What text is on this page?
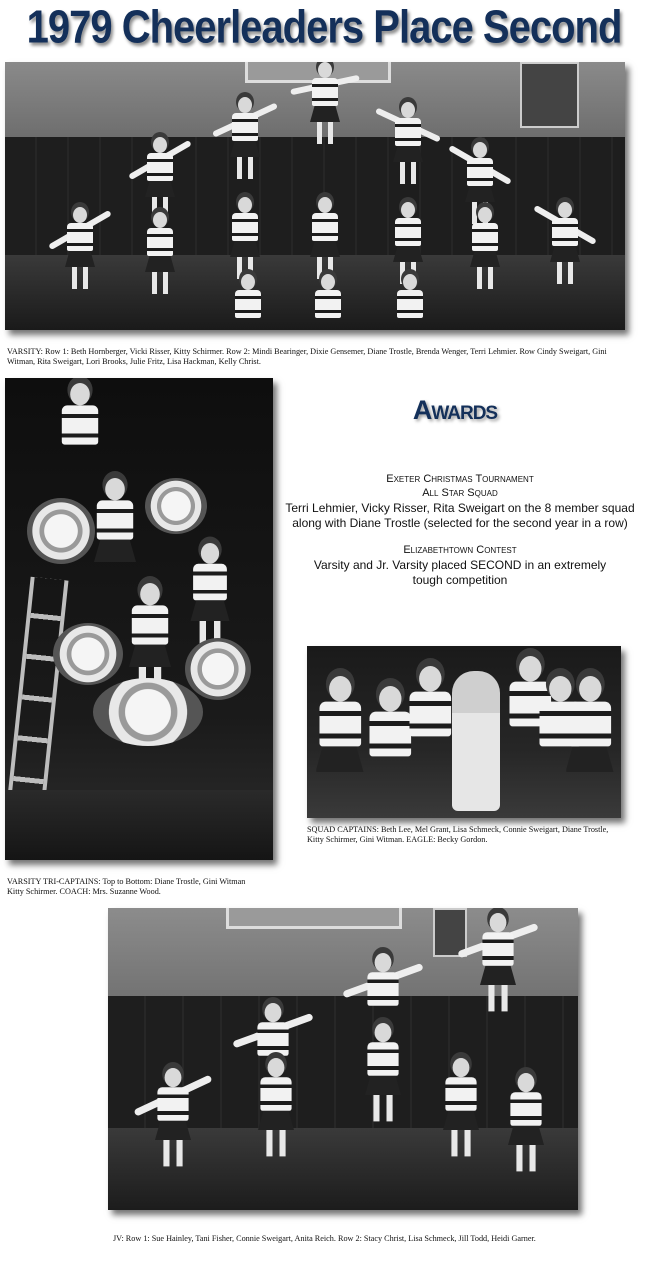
1979 Cheerleaders Place Second
VARSITY: Row 1: Beth Hornberger, Vicki Risser, Kitty Schirmer. Row 2: Mindi Bearinger, Dixie Gensemer, Diane Trostle, Brenda Wenger, Terri Lehmier. Row Cindy Sweigart, Gini Witman, Rita Sweigart, Lori Brooks, Julie Fritz, Lisa Hackman, Kelly Christ.
VARSITY TRI-CAPTAINS: Top to Bottom: Diane Trostle, Gini Witman
Kitty Schirmer. COACH: Mrs. Suzanne Wood.
Awards
Exeter Christmas Tournament
All Star Squad
Terri Lehmier, Vicky Risser, Rita Sweigart on the 8 member squad along with Diane Trostle (selected for the second year in a row)
Elizabethtown Contest
Varsity and Jr. Varsity placed SECOND in an extremely tough competition
SQUAD CAPTAINS: Beth Lee, Mel Grant, Lisa Schmeck, Connie Sweigart, Diane Trostle, Kitty Schirmer, Gini Witman. EAGLE: Becky Gordon.
JV: Row 1: Sue Hainley, Tani Fisher, Connie Sweigart, Anita Reich. Row 2: Stacy Christ, Lisa Schmeck, Jill Todd, Heidi Garner.
